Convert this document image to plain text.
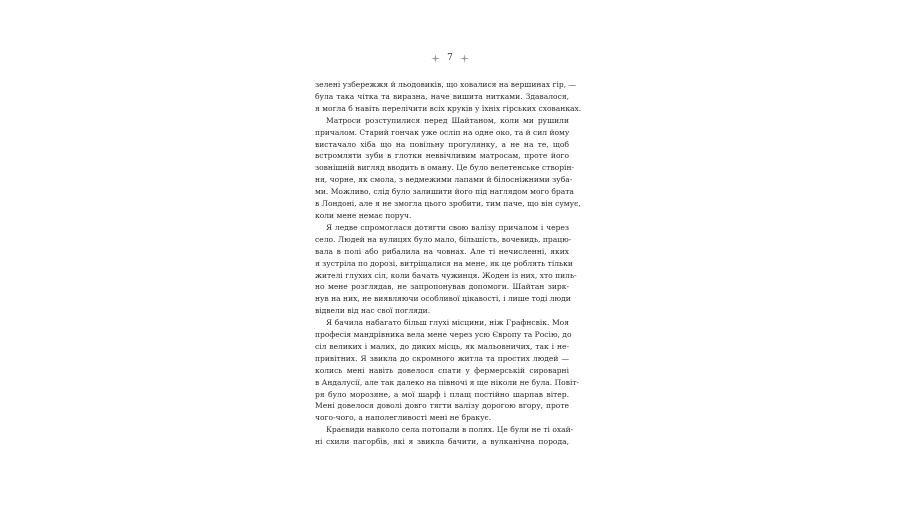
7
зелені узбережжя й льодовиків, що ховалися на вершинах гір, —
була така чітка та виразна, наче вишита нитками. Здавалося,
я могла б навіть перелічити всіх круків у їхніх гірських схованках.
Матроси розступилися перед Шайтаном, коли ми рушили
причалом. Старий гончак уже осліп на одне око, та й сил йому
вистачало хіба що на повільну прогулянку, а не на те, щоб
встромляти зуби в глотки неввічливим матросам, проте його
зовнішній вигляд вводить в оману. Це було велетенське створін-
ня, чорне, як смола, з ведмежими лапами й білосніжними зуба-
ми. Можливо, слід було залишити його під наглядом мого брата
в Лондоні, але я не змогла цього зробити, тим паче, що він сумує,
коли мене немає поруч.
Я ледве спромоглася дотягти свою валізу причалом і через
село. Людей на вулицях було мало, більшість, вочевидь, працю-
вала в полі або рибалила на човнах. Але ті нечисленні, яких
я зустріла по дорозі, витріщалися на мене, як це роблять тільки
жителі глухих сіл, коли бачать чужинця. Жоден із них, хто пиль-
но мене розглядав, не запропонував допомоги. Шайтан зирк-
нув на них, не виявляючи особливої цікавості, і лише тоді люди
відвели від нас свої погляди.
Я бачила набагато більш глухі місцини, ніж Графнсвік. Моя
професія мандрівника вела мене через усю Європу та Росію, до
сіл великих і малих, до диких місць, як мальовничих, так і не-
привітних. Я звикла до скромного житла та простих людей —
колись мені навіть довелося спати у фермерській сироварні
в Андалусії, але так далеко на півночі я ще ніколи не була. Повіт-
ря було морозяне, а мої шарф і плащ постійно шарпав вітер.
Мені довелося доволі довго тягти валізу дорогою вгору, проте
чого-чого, а наполегливості мені не бракує.
Краєвиди навколо села потопали в полях. Це були не ті охай-
ні схили пагорбів, які я звикла бачити, а вулканічна порода,
